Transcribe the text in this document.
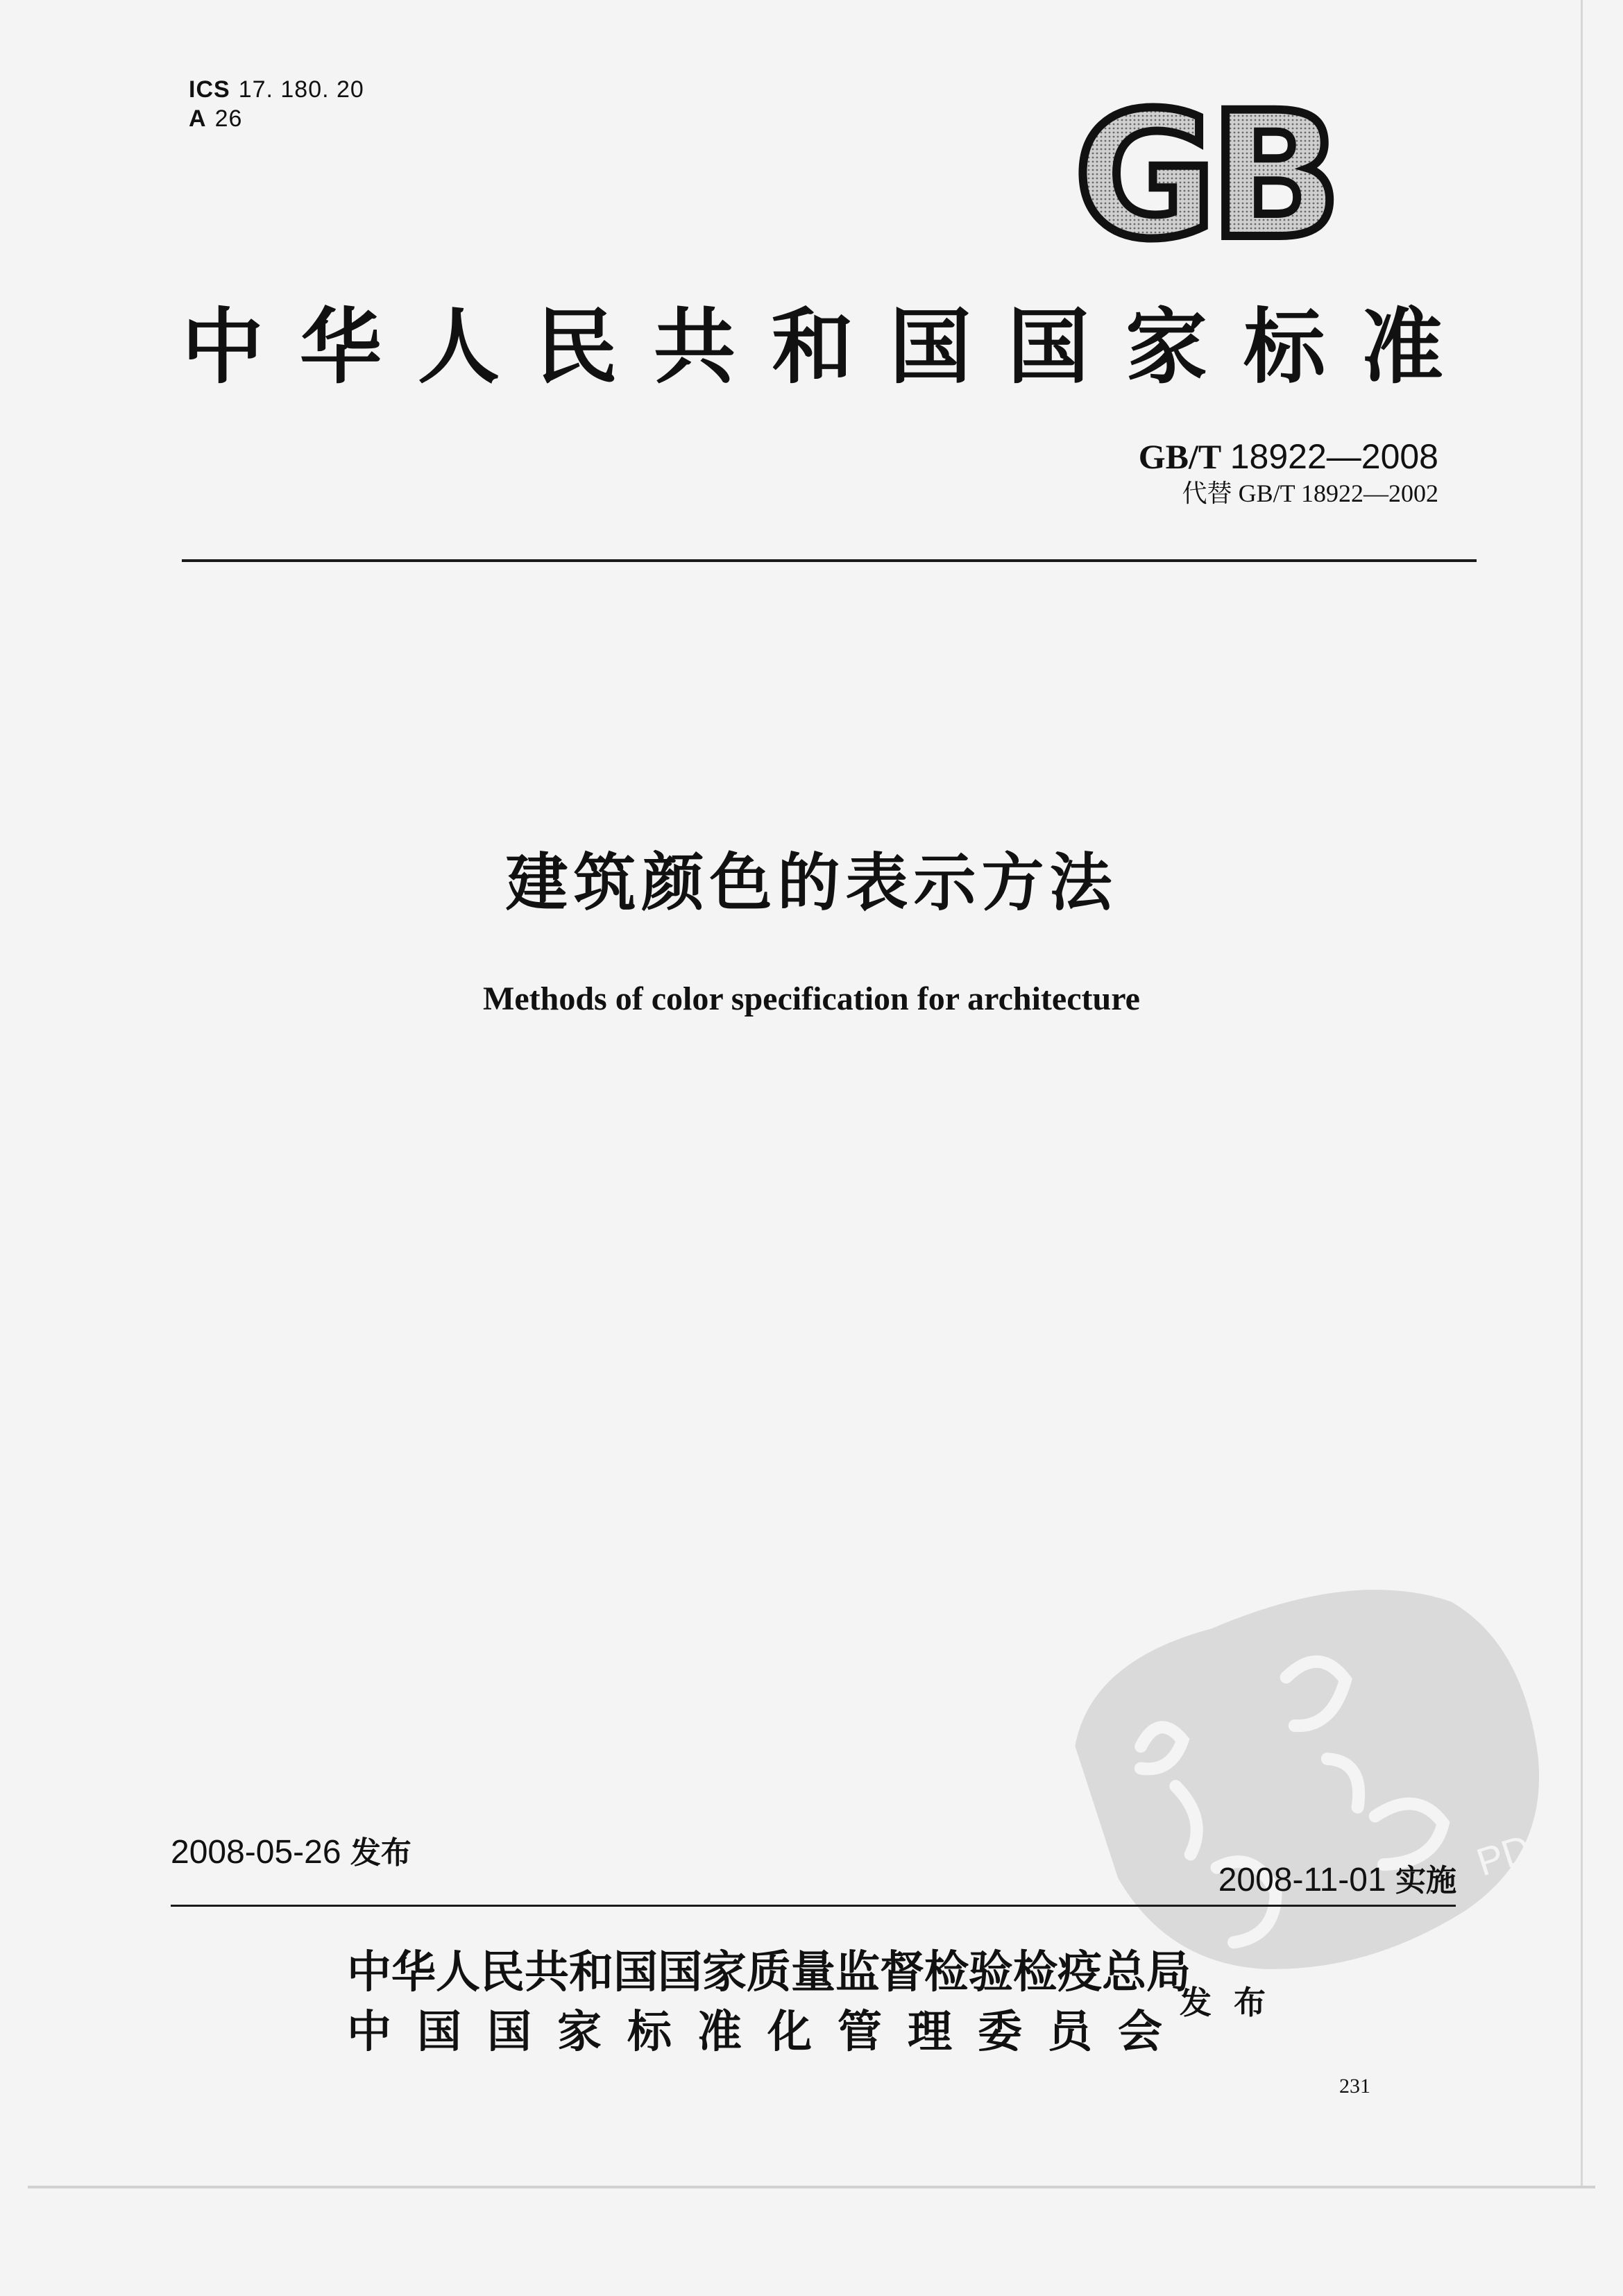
ICS 17. 180. 20
A 26	GB
中华人民共和国国家标准
GB/T 18922—2008
代替 GB/T 18922—2002
建筑颜色的表示方法
Methods of color specification for architecture
PDG
2008-05-26 发布
2008-11-01 实施
中华人民共和国国家质量监督检验检疫总局
中国国家标准化管理委员会
发布
231
